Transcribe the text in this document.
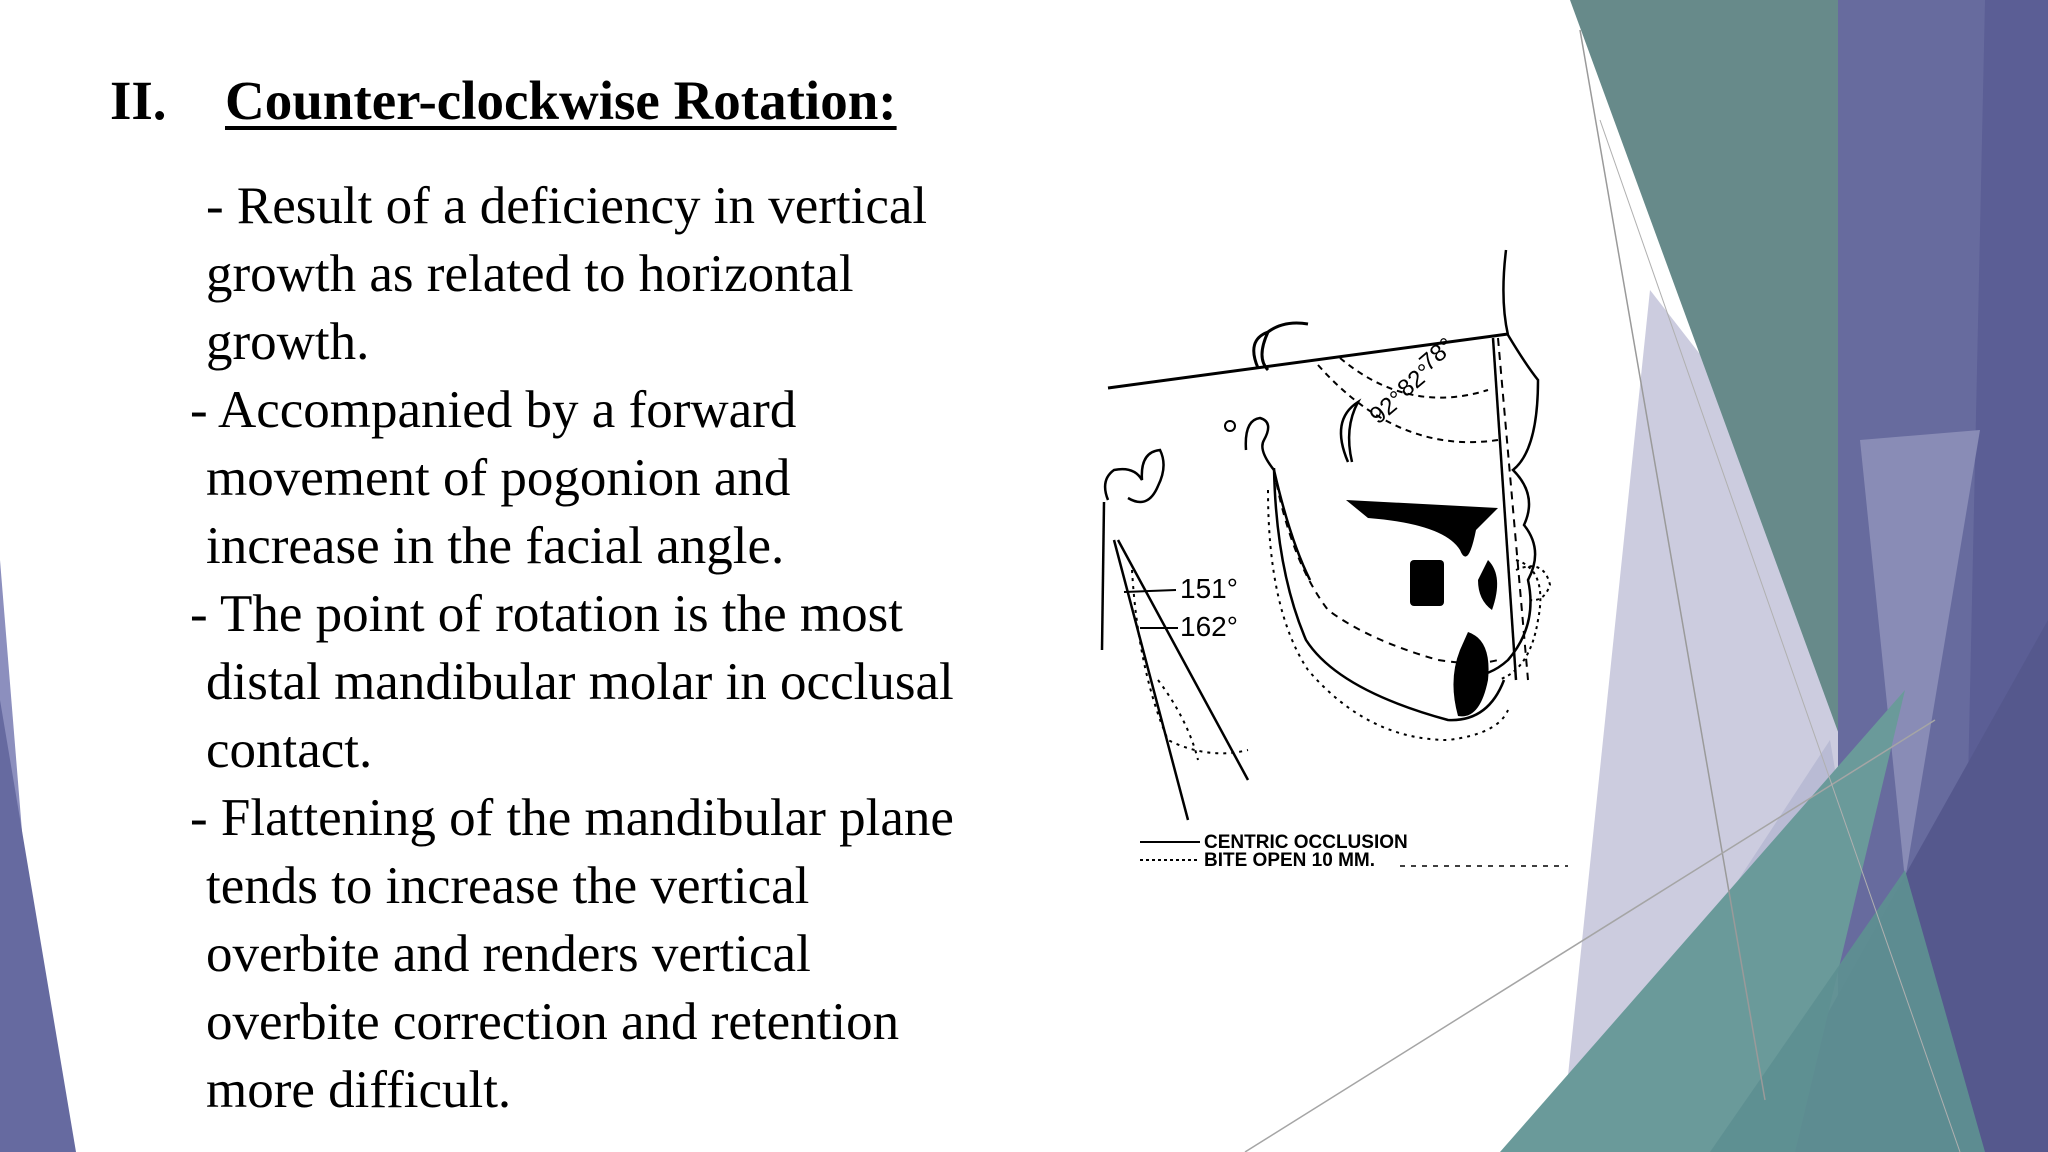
II. Counter-clockwise Rotation:
- Result of a deficiency in vertical
growth as related to horizontal
growth.
- Accompanied by a forward
movement of pogonion and
increase in the facial angle.
- The point of rotation is the most
distal mandibular molar in occlusal
contact.
- Flattening of the mandibular plane
tends to increase the vertical
overbite and renders vertical
overbite correction and retention
more difficult.
78°
82°
92°
151°
162°
CENTRIC OCCLUSION
BITE OPEN 10 MM.
